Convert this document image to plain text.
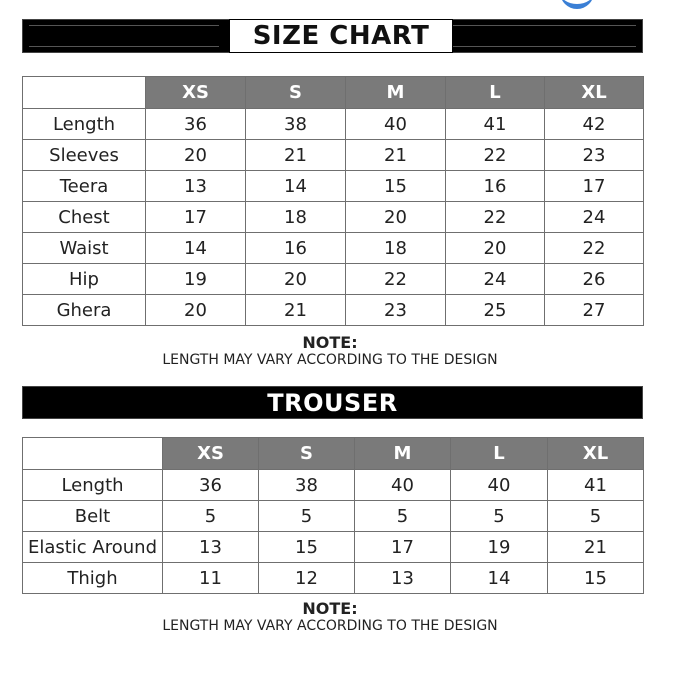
SIZE CHART
	XS	S	M	L	XL
Length	36	38	40	41	42
Sleeves	20	21	21	22	23
Teera	13	14	15	16	17
Chest	17	18	20	22	24
Waist	14	16	18	20	22
Hip	19	20	22	24	26
Ghera	20	21	23	25	27
NOTE:
LENGTH MAY VARY ACCORDING TO THE DESIGN
TROUSER
	XS	S	M	L	XL
Length	36	38	40	40	41
Belt	5	5	5	5	5
Elastic Around	13	15	17	19	21
Thigh	11	12	13	14	15
NOTE:
LENGTH MAY VARY ACCORDING TO THE DESIGN
